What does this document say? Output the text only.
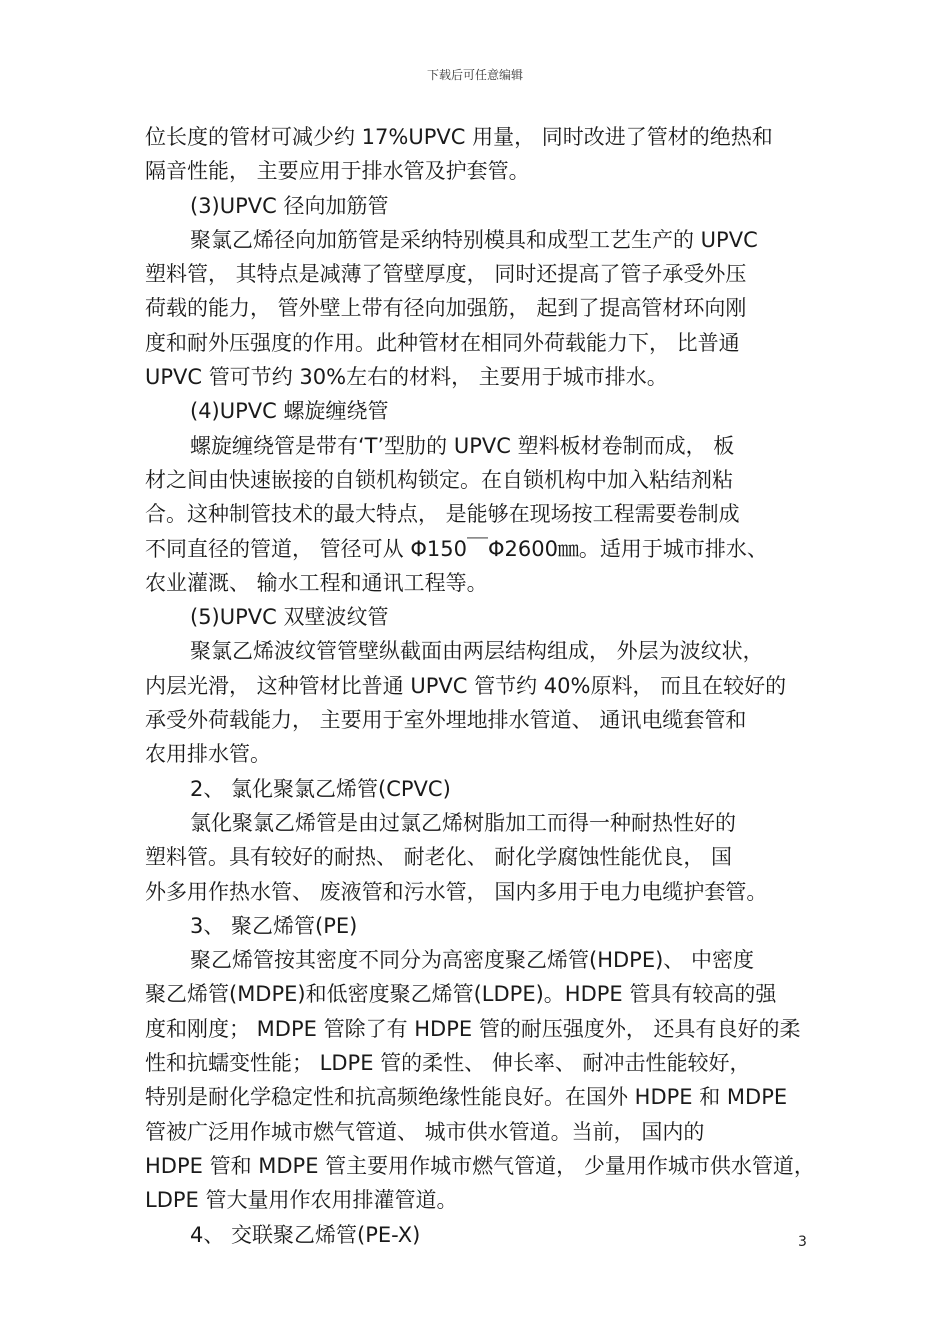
下载后可任意编辑
位长度的管材可减少约 17%UPVC 用量， 同时改进了管材的绝热和
隔音性能， 主要应用于排水管及护套管。
(3)UPVC 径向加筋管
聚氯乙烯径向加筋管是采纳特别模具和成型工艺生产的 UPVC
塑料管， 其特点是减薄了管壁厚度， 同时还提高了管子承受外压
荷载的能力， 管外壁上带有径向加强筋， 起到了提高管材环向刚
度和耐外压强度的作用。此种管材在相同外荷载能力下， 比普通
UPVC 管可节约 30%左右的材料， 主要用于城市排水。
(4)UPVC 螺旋缠绕管
螺旋缠绕管是带有‘T’型肋的 UPVC 塑料板材卷制而成， 板
材之间由快速嵌接的自锁机构锁定。在自锁机构中加入粘结剂粘
合。这种制管技术的最大特点， 是能够在现场按工程需要卷制成
不同直径的管道， 管径可从 Φ150￣Φ2600㎜。适用于城市排水、
农业灌溉、 输水工程和通讯工程等。
(5)UPVC 双壁波纹管
聚氯乙烯波纹管管壁纵截面由两层结构组成， 外层为波纹状，
内层光滑， 这种管材比普通 UPVC 管节约 40%原料， 而且在较好的
承受外荷载能力， 主要用于室外埋地排水管道、 通讯电缆套管和
农用排水管。
2、 氯化聚氯乙烯管(CPVC)
氯化聚氯乙烯管是由过氯乙烯树脂加工而得一种耐热性好的
塑料管。具有较好的耐热、 耐老化、 耐化学腐蚀性能优良， 国
外多用作热水管、 废液管和污水管， 国内多用于电力电缆护套管。
3、 聚乙烯管(PE)
聚乙烯管按其密度不同分为高密度聚乙烯管(HDPE)、 中密度
聚乙烯管(MDPE)和低密度聚乙烯管(LDPE)。HDPE 管具有较高的强
度和刚度； MDPE 管除了有 HDPE 管的耐压强度外， 还具有良好的柔
性和抗蠕变性能； LDPE 管的柔性、 伸长率、 耐冲击性能较好，
特别是耐化学稳定性和抗高频绝缘性能良好。在国外 HDPE 和 MDPE
管被广泛用作城市燃气管道、 城市供水管道。当前， 国内的
HDPE 管和 MDPE 管主要用作城市燃气管道， 少量用作城市供水管道，
LDPE 管大量用作农用排灌管道。
4、 交联聚乙烯管(PE-X)	3
